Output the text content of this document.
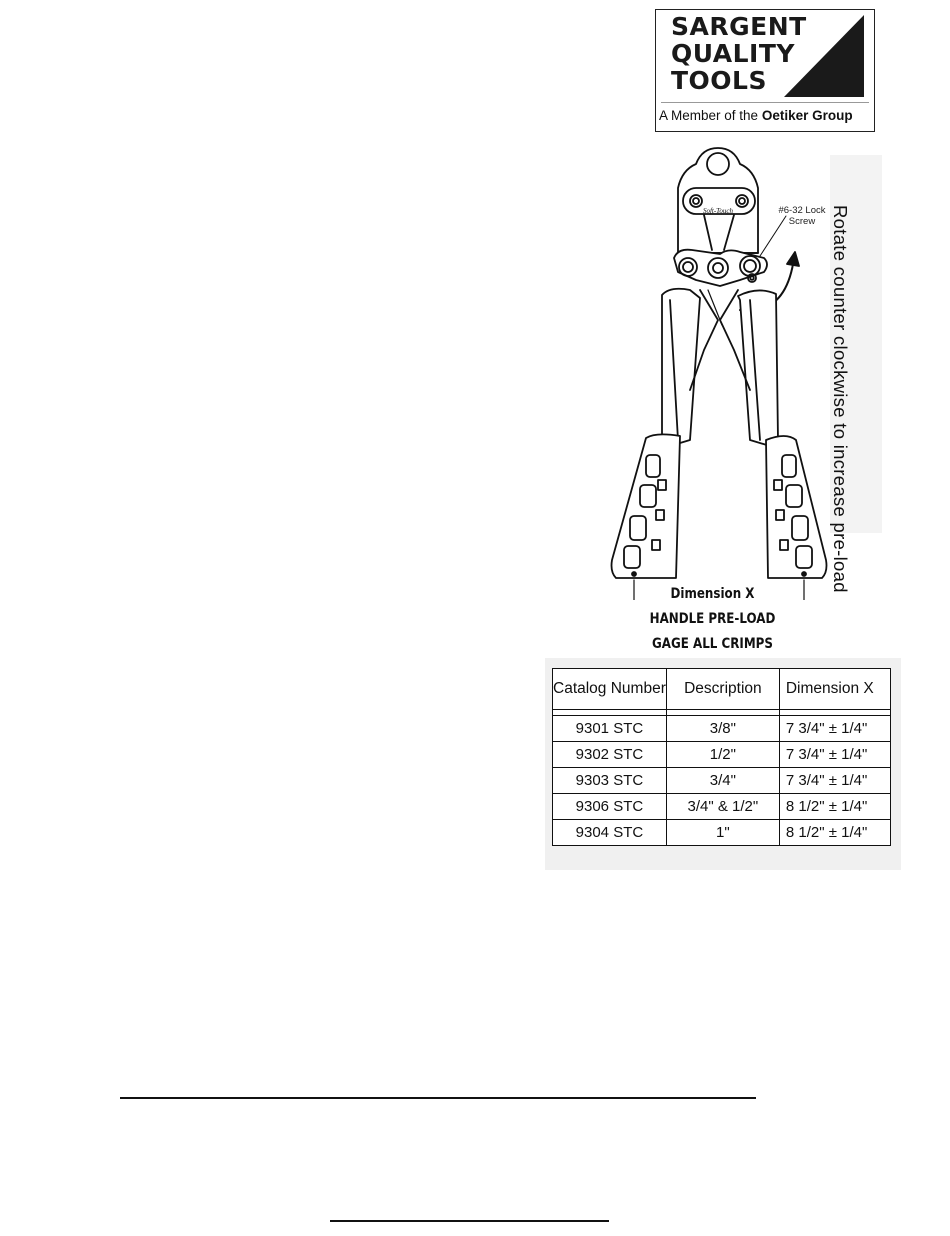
SARGENT
QUALITY
TOOLS
A Member of the Oetiker Group
Rotate counter clockwise to increase pre-load
Soft-Touch	#6-32 Lock
Screw
Dimension X
HANDLE PRE-LOAD
GAGE ALL CRIMPS
Catalog Number	Description	Dimension X

9301 STC	3/8"	7 3/4" ± 1/4"
9302 STC	1/2"	7 3/4" ± 1/4"
9303 STC	3/4"	7 3/4" ± 1/4"
9306 STC	3/4" & 1/2"	8 1/2" ± 1/4"
9304 STC	1"	8 1/2" ± 1/4"
